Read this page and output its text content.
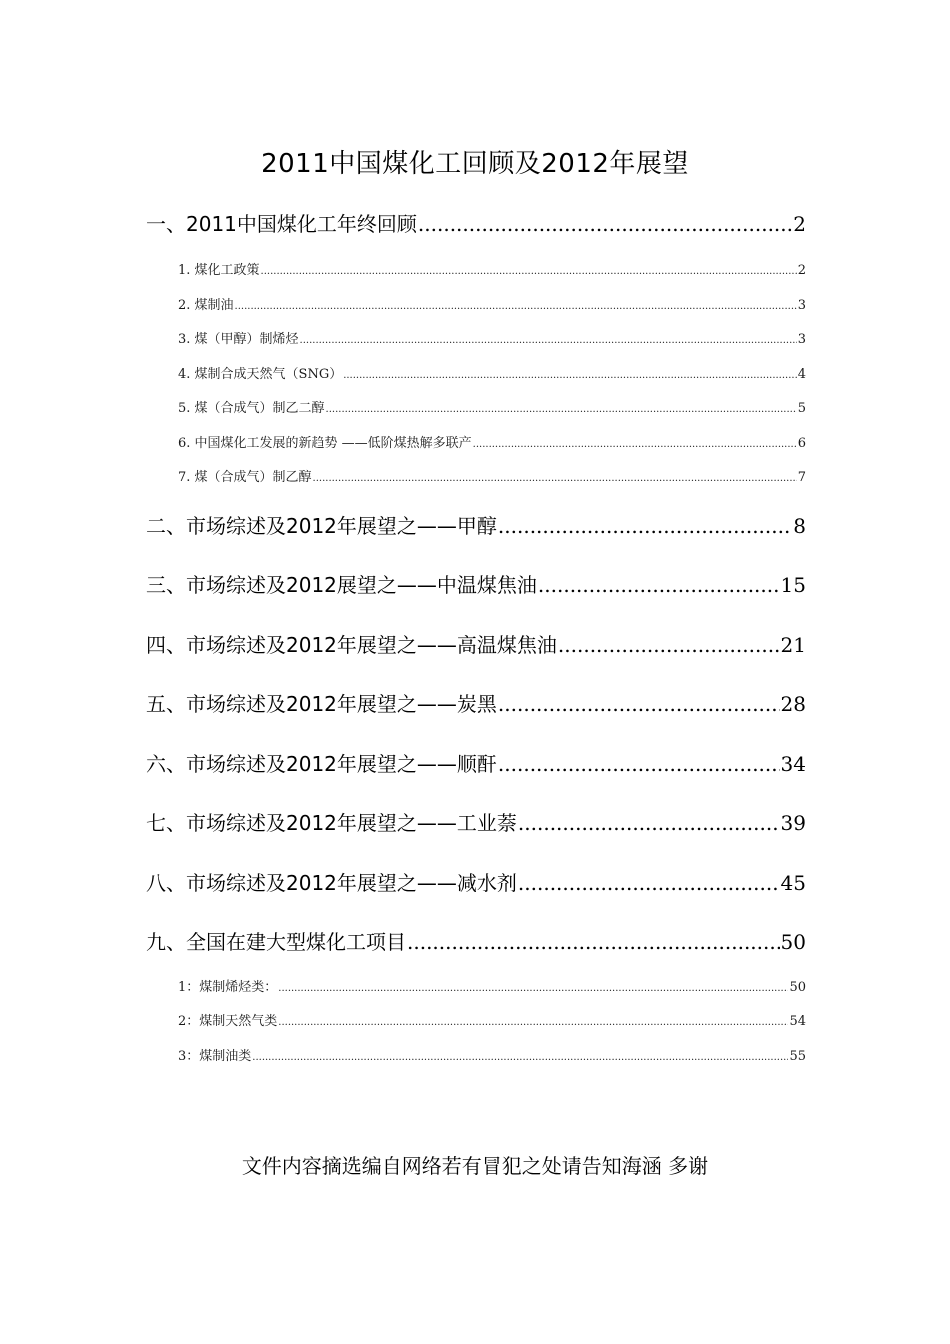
2011中国煤化工回顾及2012年展望
一、2011中国煤化工年终回顾 .....	2
1. 煤化工政策 .....	2
2. 煤制油 .....	3
3. 煤（甲醇）制烯烃 .....	3
4. 煤制合成天然气（SNG） .....	4
5. 煤（合成气）制乙二醇 .....	5
6. 中国煤化工发展的新趋势 ——低阶煤热解多联产 .....	6
7. 煤（合成气）制乙醇 .....	7
二、市场综述及2012年展望之——甲醇 .....	8
三、市场综述及2012展望之——中温煤焦油 .....	15
四、市场综述及2012年展望之——高温煤焦油 .....	21
五、市场综述及2012年展望之——炭黑 .....	28
六、市场综述及2012年展望之——顺酐 .....	34
七、市场综述及2012年展望之——工业萘 .....	39
八、市场综述及2012年展望之——减水剂 .....	45
九、全国在建大型煤化工项目 .....	50
1：煤制烯烃类： .....	50
2：煤制天然气类 .....	54
3：煤制油类 .....	55
文件内容摘选编自网络若有冒犯之处请告知海涵 多谢
